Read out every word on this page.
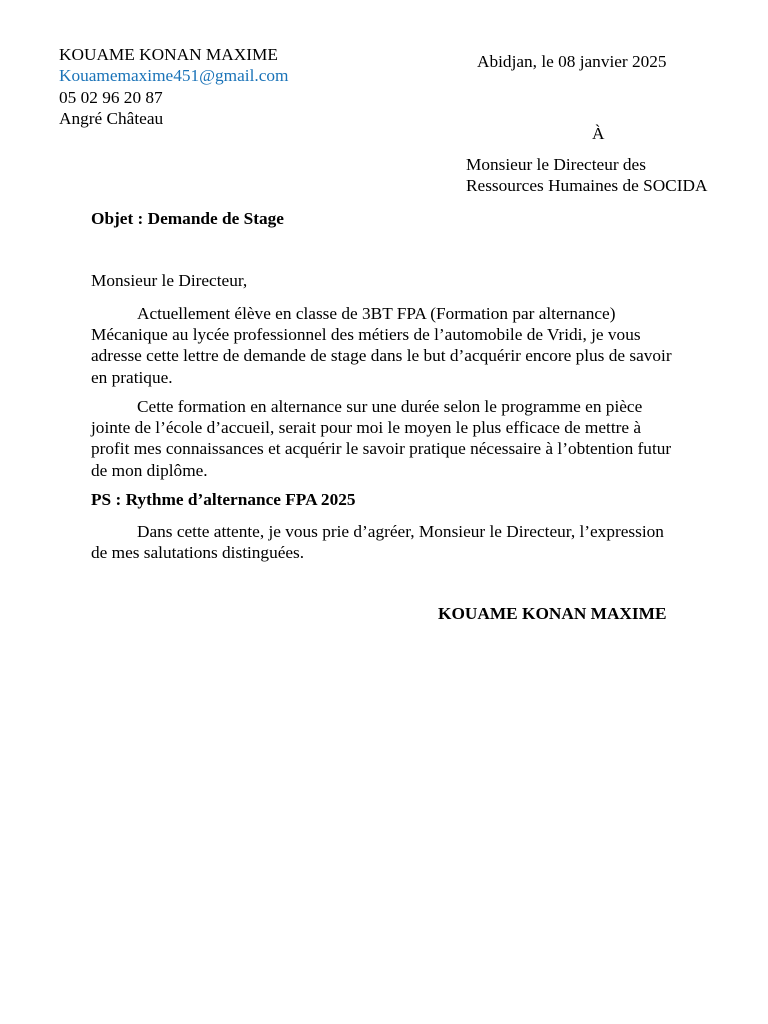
KOUAME KONAN MAXIME
Kouamemaxime451@gmail.com
05 02 96 20 87
Angré Château
Abidjan, le 08 janvier 2025
À
Monsieur le Directeur des
Ressources Humaines de SOCIDA
Objet : Demande de Stage
Monsieur le Directeur,
Actuellement élève en classe de 3BT FPA (Formation par alternance) Mécanique au lycée professionnel des métiers de l’automobile de Vridi, je vous adresse cette lettre de demande de stage dans le but d’acquérir encore plus de savoir en pratique.
Cette formation en alternance sur une durée selon le programme en pièce jointe de l’école d’accueil, serait pour moi le moyen le plus efficace de mettre à profit mes connaissances et acquérir le savoir pratique nécessaire à l’obtention futur de mon diplôme.
PS : Rythme d’alternance FPA 2025
Dans cette attente, je vous prie d’agréer, Monsieur le Directeur, l’expression de mes salutations distinguées.
KOUAME KONAN MAXIME
